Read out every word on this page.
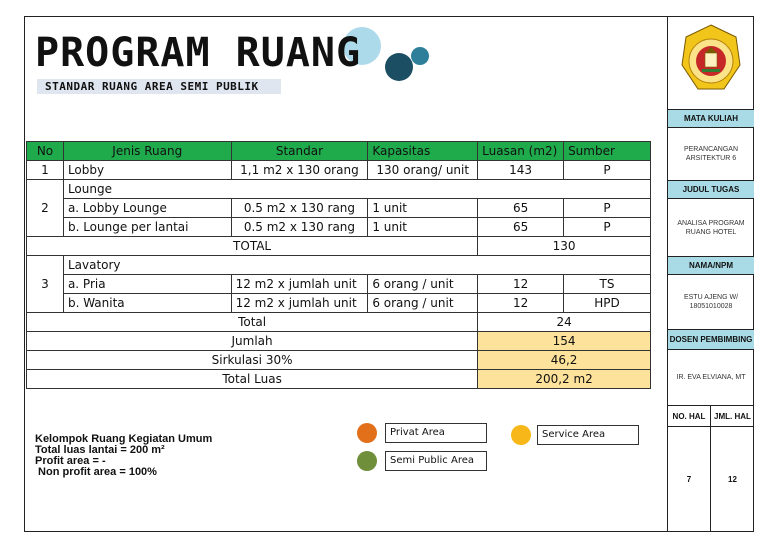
PROGRAM RUANG
STANDAR RUANG AREA SEMI PUBLIK
No	Jenis Ruang	Standar	Kapasitas	Luasan (m2)	Sumber
1	Lobby	1,1 m2 x 130 orang	130 orang/ unit	143	P
2	Lounge				
	a. Lobby Lounge	0.5 m2 x 130 rang	1 unit	65	P
	b. Lounge per lantai	0.5 m2 x 130 rang	1 unit	65	P
TOTAL				130	
3	Lavatory				
	a. Pria	12 m2 x jumlah unit	6 orang / unit	12	TS
	b. Wanita	12 m2 x jumlah unit	6 orang / unit	12	HPD
Total				24	
Jumlah				154	
Sirkulasi 30%				46,2	
Total Luas				200,2 m2	
Kelompok Ruang Kegiatan Umum
Total luas lantai = 200 m²
Profit area = -
Non profit area = 100%
Privat Area	Service Area
Semi Public Area
MATA KULIAH
PERANCANGAN ARSITEKTUR 6
JUDUL TUGAS
ANALISA PROGRAM RUANG HOTEL
NAMA/NPM
ESTU AJENG W/ 18051010028
DOSEN PEMBIMBING
IR. EVA ELVIANA, MT
NO. HAL	JML. HAL
7	12
